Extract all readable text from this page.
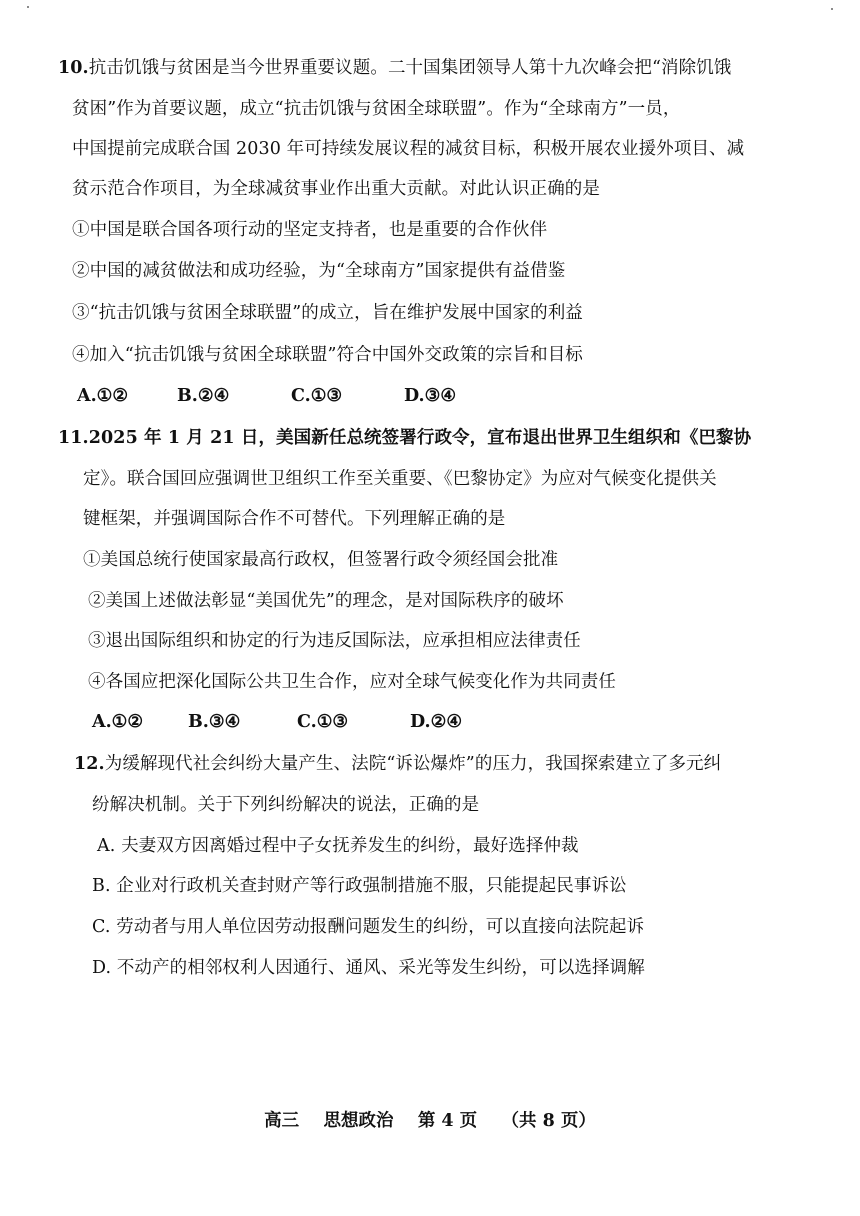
10.抗击饥饿与贫困是当今世界重要议题。二十国集团领导人第十九次峰会把“消除饥饿
贫困”作为首要议题，成立“抗击饥饿与贫困全球联盟”。作为“全球南方”一员，
中国提前完成联合国 2030 年可持续发展议程的减贫目标，积极开展农业援外项目、减
贫示范合作项目，为全球减贫事业作出重大贡献。对此认识正确的是
①中国是联合国各项行动的坚定支持者，也是重要的合作伙伴
②中国的减贫做法和成功经验，为“全球南方”国家提供有益借鉴
③“抗击饥饿与贫困全球联盟”的成立，旨在维护发展中国家的利益
④加入“抗击饥饿与贫困全球联盟”符合中国外交政策的宗旨和目标
A.①②	B.②④	C.①③	D.③④
11.2025 年 1 月 21 日，美国新任总统签署行政令，宣布退出世界卫生组织和《巴黎协
定》。联合国回应强调世卫组织工作至关重要、《巴黎协定》为应对气候变化提供关
键框架，并强调国际合作不可替代。下列理解正确的是
①美国总统行使国家最高行政权，但签署行政令须经国会批准
②美国上述做法彰显“美国优先”的理念，是对国际秩序的破坏
③退出国际组织和协定的行为违反国际法，应承担相应法律责任
④各国应把深化国际公共卫生合作，应对全球气候变化作为共同责任
A.①②	B.③④	C.①③	D.②④
12.为缓解现代社会纠纷大量产生、法院“诉讼爆炸”的压力，我国探索建立了多元纠
纷解决机制。关于下列纠纷解决的说法，正确的是
A. 夫妻双方因离婚过程中子女抚养发生的纠纷，最好选择仲裁
B. 企业对行政机关查封财产等行政强制措施不服，只能提起民事诉讼
C. 劳动者与用人单位因劳动报酬问题发生的纠纷，可以直接向法院起诉
D. 不动产的相邻权利人因通行、通风、采光等发生纠纷，可以选择调解
高三    思想政治    第 4 页    （共 8 页）
